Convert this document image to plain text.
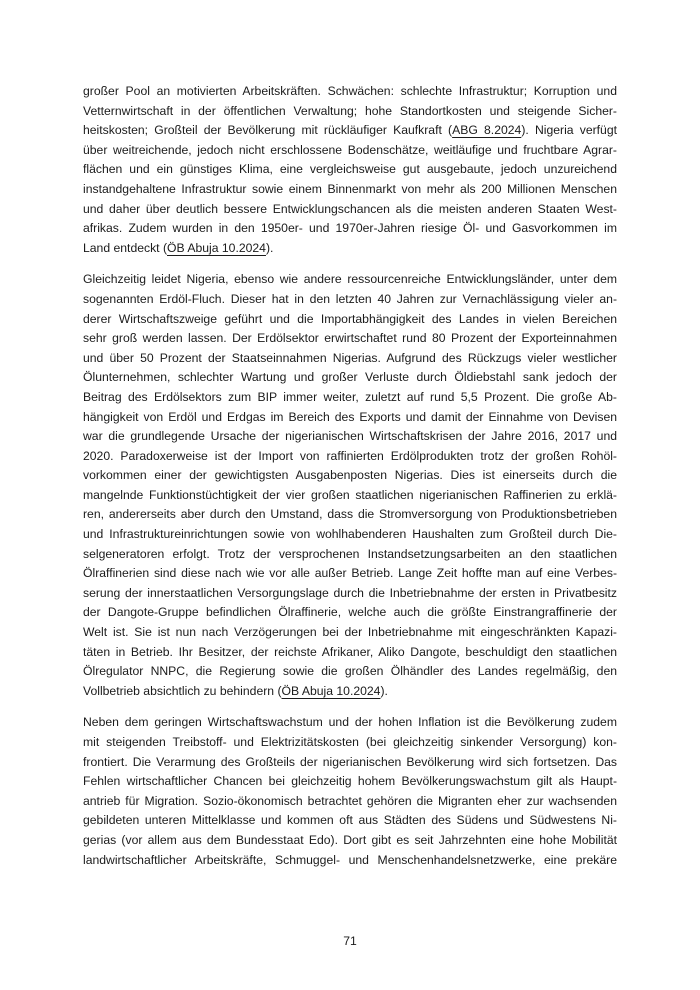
großer Pool an motivierten Arbeitskräften. Schwächen: schlechte Infrastruktur; Korruption und
Vetternwirtschaft in der öffentlichen Verwaltung; hohe Standortkosten und steigende Sicher-
heitskosten; Großteil der Bevölkerung mit rückläufiger Kaufkraft (ABG 8.2024). Nigeria verfügt
über weitreichende, jedoch nicht erschlossene Bodenschätze, weitläufige und fruchtbare Agrar-
flächen und ein günstiges Klima, eine vergleichsweise gut ausgebaute, jedoch unzureichend
instandgehaltene Infrastruktur sowie einem Binnenmarkt von mehr als 200 Millionen Menschen
und daher über deutlich bessere Entwicklungschancen als die meisten anderen Staaten West-
afrikas. Zudem wurden in den 1950er- und 1970er-Jahren riesige Öl- und Gasvorkommen im
Land entdeckt (ÖB Abuja 10.2024).
Gleichzeitig leidet Nigeria, ebenso wie andere ressourcenreiche Entwicklungsländer, unter dem
sogenannten Erdöl-Fluch. Dieser hat in den letzten 40 Jahren zur Vernachlässigung vieler an-
derer Wirtschaftszweige geführt und die Importabhängigkeit des Landes in vielen Bereichen
sehr groß werden lassen. Der Erdölsektor erwirtschaftet rund 80 Prozent der Exporteinnahmen
und über 50 Prozent der Staatseinnahmen Nigerias. Aufgrund des Rückzugs vieler westlicher
Ölunternehmen, schlechter Wartung und großer Verluste durch Öldiebstahl sank jedoch der
Beitrag des Erdölsektors zum BIP immer weiter, zuletzt auf rund 5,5 Prozent. Die große Ab-
hängigkeit von Erdöl und Erdgas im Bereich des Exports und damit der Einnahme von Devisen
war die grundlegende Ursache der nigerianischen Wirtschaftskrisen der Jahre 2016, 2017 und
2020. Paradoxerweise ist der Import von raffinierten Erdölprodukten trotz der großen Rohöl-
vorkommen einer der gewichtigsten Ausgabenposten Nigerias. Dies ist einerseits durch die
mangelnde Funktionstüchtigkeit der vier großen staatlichen nigerianischen Raffinerien zu erklä-
ren, andererseits aber durch den Umstand, dass die Stromversorgung von Produktionsbetrieben
und Infrastruktureinrichtungen sowie von wohlhabenderen Haushalten zum Großteil durch Die-
selgeneratoren erfolgt. Trotz der versprochenen Instandsetzungsarbeiten an den staatlichen
Ölraffinerien sind diese nach wie vor alle außer Betrieb. Lange Zeit hoffte man auf eine Verbes-
serung der innerstaatlichen Versorgungslage durch die Inbetriebnahme der ersten in Privatbesitz
der Dangote-Gruppe befindlichen Ölraffinerie, welche auch die größte Einstrangraffinerie der
Welt ist. Sie ist nun nach Verzögerungen bei der Inbetriebnahme mit eingeschränkten Kapazi-
täten in Betrieb. Ihr Besitzer, der reichste Afrikaner, Aliko Dangote, beschuldigt den staatlichen
Ölregulator NNPC, die Regierung sowie die großen Ölhändler des Landes regelmäßig, den
Vollbetrieb absichtlich zu behindern (ÖB Abuja 10.2024).
Neben dem geringen Wirtschaftswachstum und der hohen Inflation ist die Bevölkerung zudem
mit steigenden Treibstoff- und Elektrizitätskosten (bei gleichzeitig sinkender Versorgung) kon-
frontiert. Die Verarmung des Großteils der nigerianischen Bevölkerung wird sich fortsetzen. Das
Fehlen wirtschaftlicher Chancen bei gleichzeitig hohem Bevölkerungswachstum gilt als Haupt-
antrieb für Migration. Sozio-ökonomisch betrachtet gehören die Migranten eher zur wachsenden
gebildeten unteren Mittelklasse und kommen oft aus Städten des Südens und Südwestens Ni-
gerias (vor allem aus dem Bundesstaat Edo). Dort gibt es seit Jahrzehnten eine hohe Mobilität
landwirtschaftlicher Arbeitskräfte, Schmuggel- und Menschenhandelsnetzwerke, eine prekäre
71
